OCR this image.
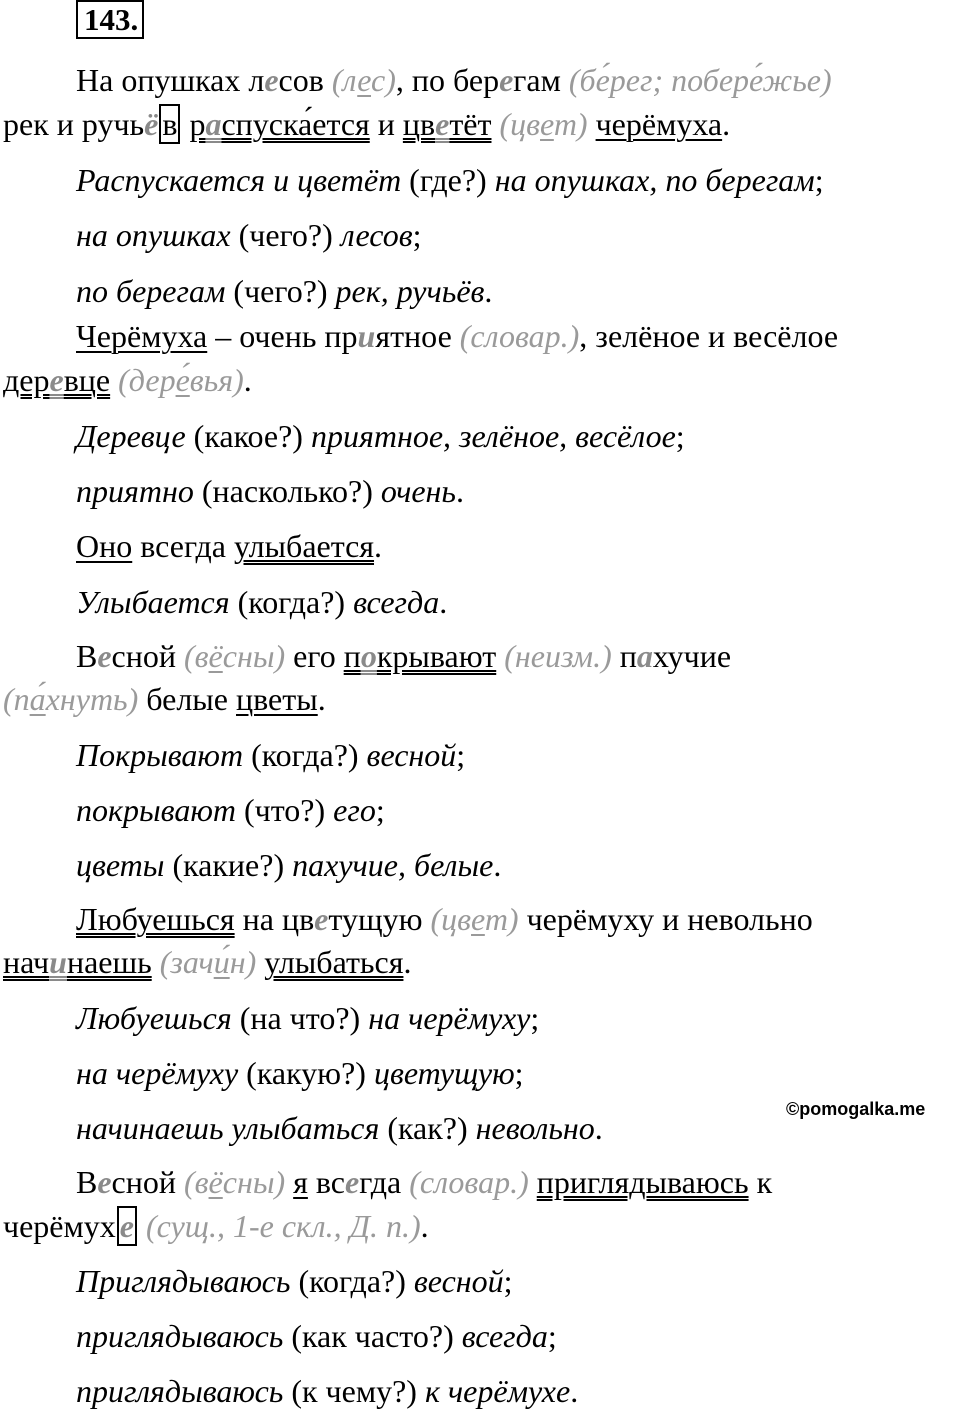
143.
На опушках лесов (лес), по берегам (бе́рег; побере́жье)
рек и ручьё в распуска́ется и цветёт (цвет) черёмуха.
Распускается и цветёт (где?) на опушках, по берегам;
на опушках (чего?) лесов;
по берегам (чего?) рек, ручьёв.
Черёмуха – очень приятное (словар.), зелёное и весёлое
деревце (дере́вья).
Деревце (какое?) приятное, зелёное, весёлое;
приятно (насколько?) очень.
Оно всегда улыбается.
Улыбается (когда?) всегда.
Весной (вёсны) его покрывают (неизм.) пахучие
(па́хнуть) белые цветы.
Покрывают (когда?) весной;
покрывают (что?) его;
цветы (какие?) пахучие, белые.
Любуешься на цветущую (цвет) черёмуху и невольно
начинаешь (зачи́н) улыбаться.
Любуешься (на что?) на черёмуху;
на черёмуху (какую?) цветущую;
начинаешь улыбаться (как?) невольно.
Весной (вёсны) я всегда (словар.) приглядываюсь к
черёмух е (сущ., 1-е скл., Д. п.).
Приглядываюсь (когда?) весной;
приглядываюсь (как часто?) всегда;
приглядываюсь (к чему?) к черёмухе.
©pomogalka.me
